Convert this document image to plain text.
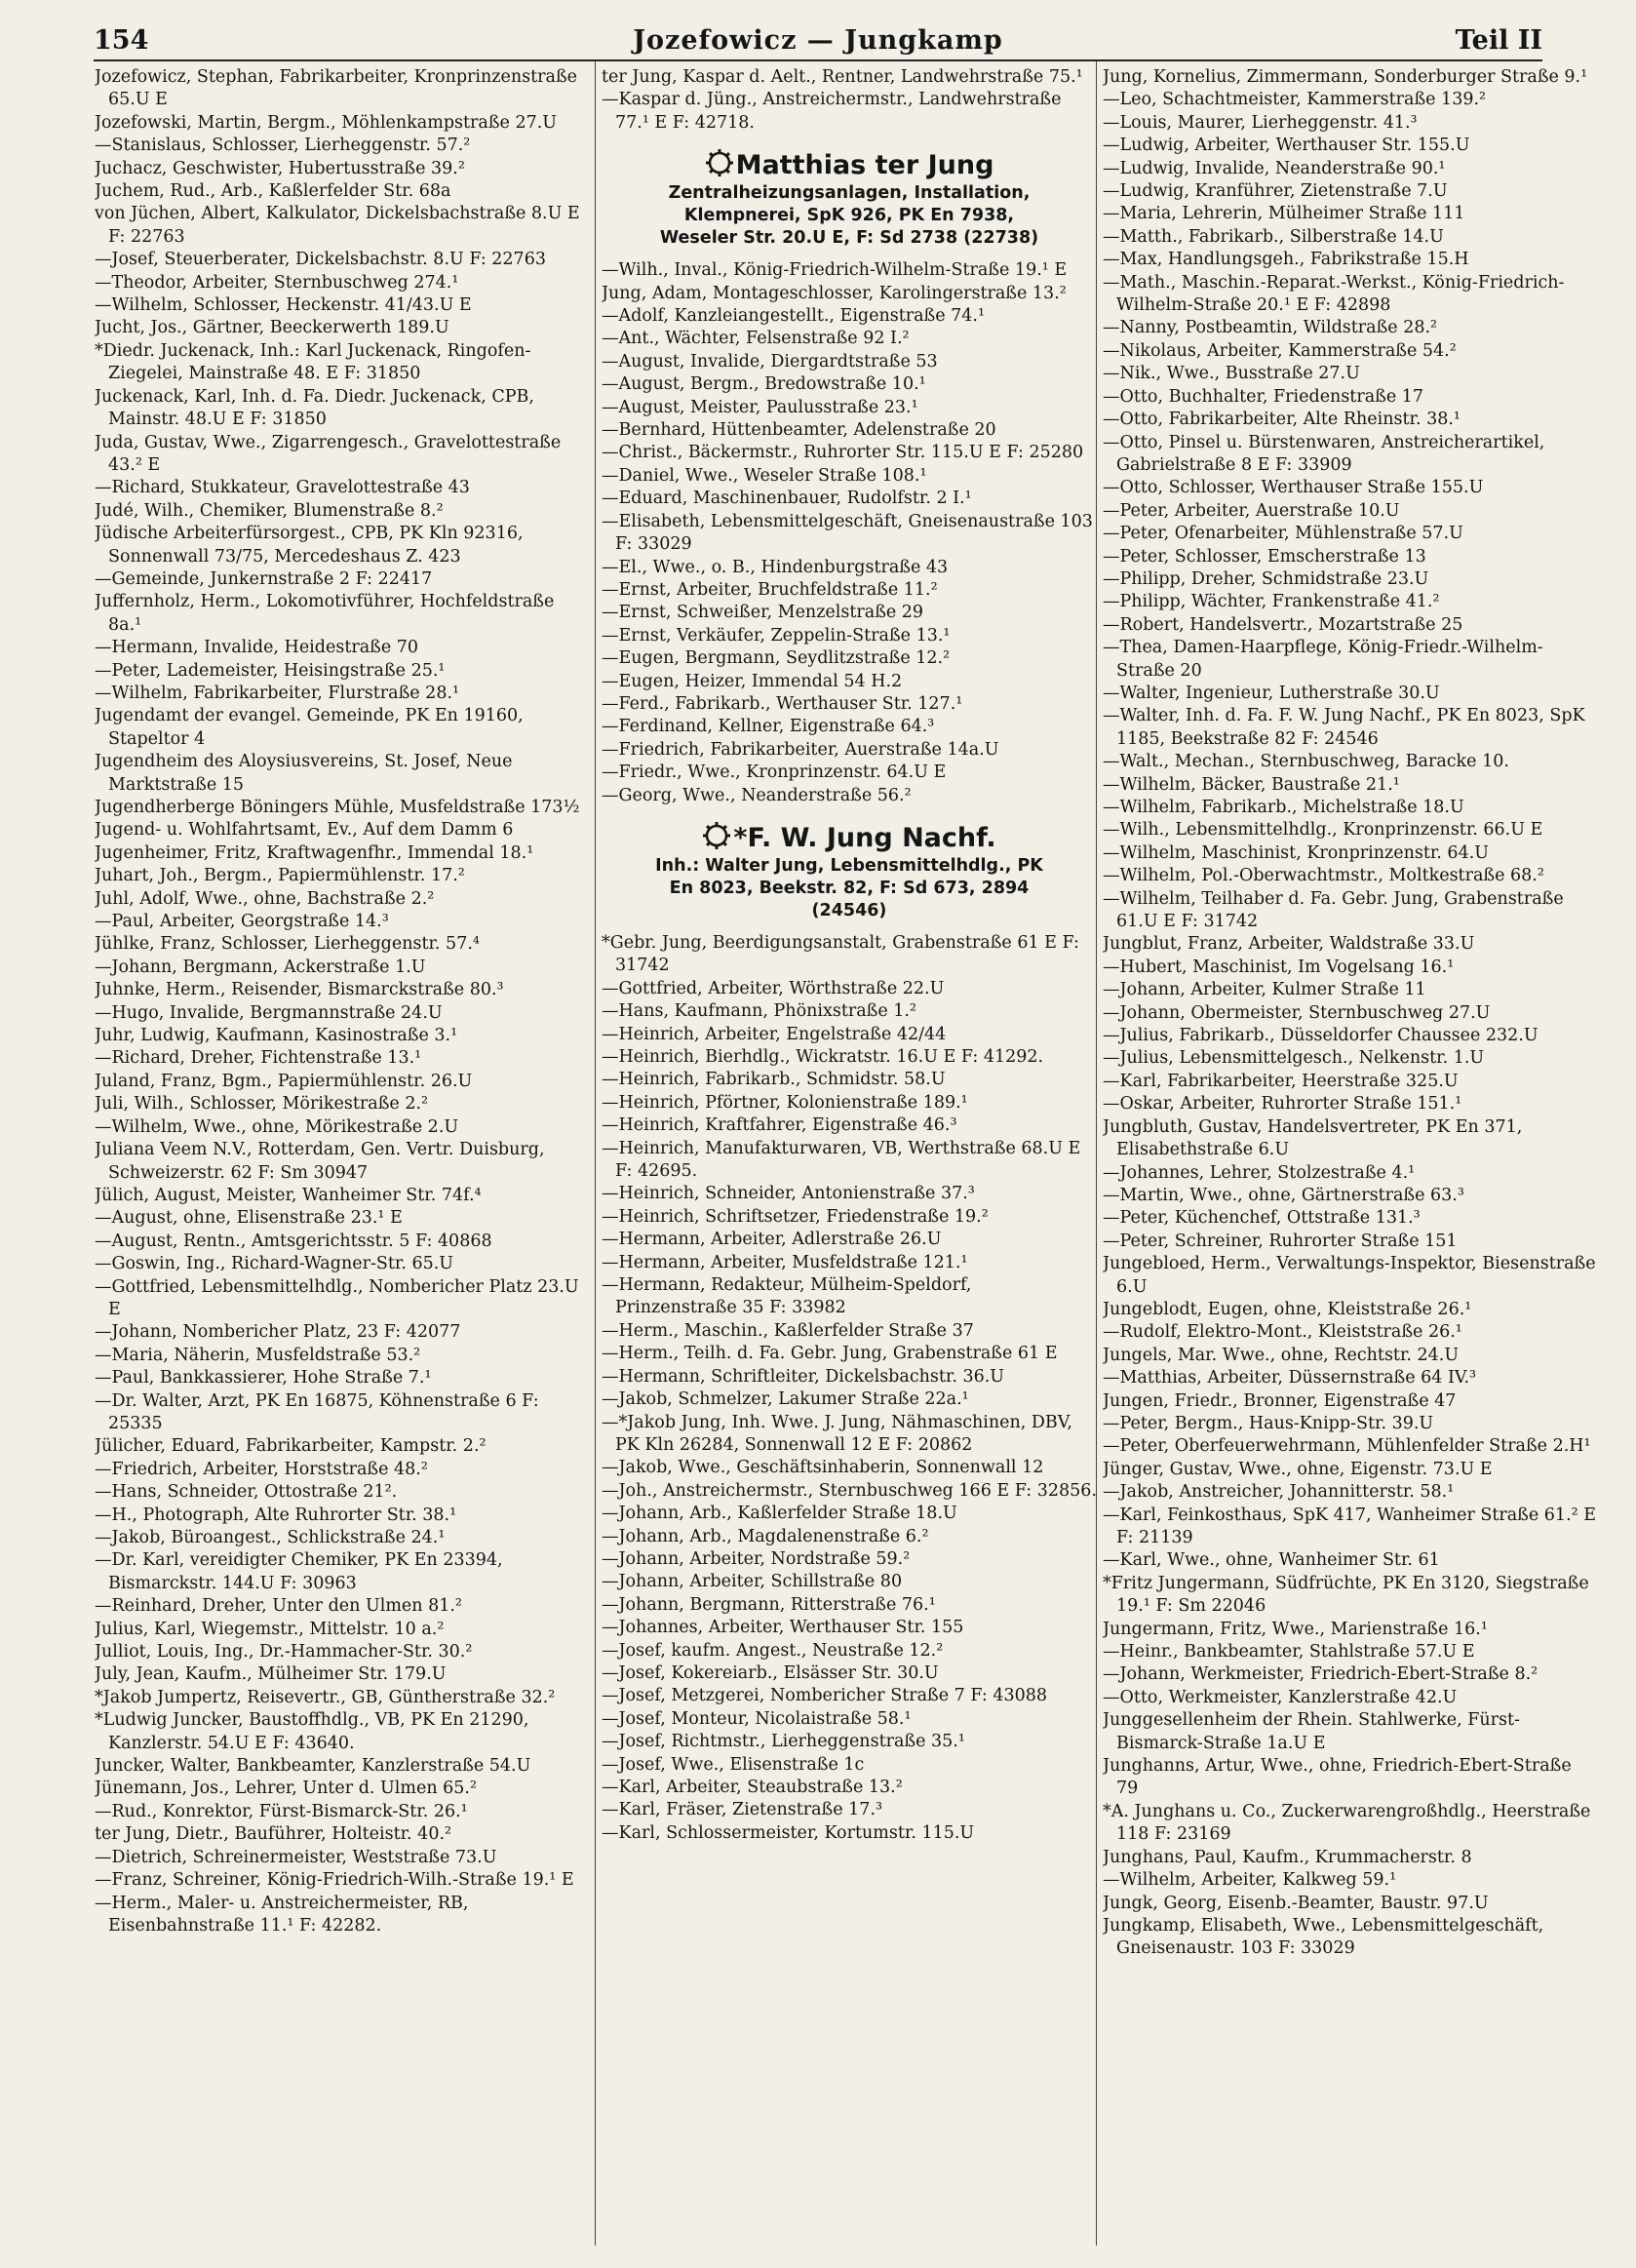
154	Jozefowicz — Jungkamp	Teil II

Jozefowicz, Stephan, Fabrikarbeiter, Kronprinzenstraße 65.U E

Jozefowski, Martin, Bergm., Möhlenkampstraße 27.U

—Stanislaus, Schlosser, Lierheggenstr. 57.²

Juchacz, Geschwister, Hubertusstraße 39.²

Juchem, Rud., Arb., Kaßlerfelder Str. 68a

von Jüchen, Albert, Kalkulator, Dickelsbachstraße 8.U E F: 22763

—Josef, Steuerberater, Dickelsbachstr. 8.U F: 22763

—Theodor, Arbeiter, Sternbuschweg 274.¹

—Wilhelm, Schlosser, Heckenstr. 41/43.U E

Jucht, Jos., Gärtner, Beeckerwerth 189.U

*Diedr. Juckenack, Inh.: Karl Juckenack, Ringofen-Ziegelei, Mainstraße 48. E F: 31850

Juckenack, Karl, Inh. d. Fa. Diedr. Juckenack, CPB, Mainstr. 48.U E F: 31850

Juda, Gustav, Wwe., Zigarrengesch., Gravelottestraße 43.² E

—Richard, Stukkateur, Gravelottestraße 43

Judé, Wilh., Chemiker, Blumenstraße 8.²

Jüdische Arbeiterfürsorgest., CPB, PK Kln 92316, Sonnenwall 73/75, Mercedeshaus Z. 423

—Gemeinde, Junkernstraße 2 F: 22417

Juffernholz, Herm., Lokomotivführer, Hochfeldstraße 8a.¹

—Hermann, Invalide, Heidestraße 70

—Peter, Lademeister, Heisingstraße 25.¹

—Wilhelm, Fabrikarbeiter, Flurstraße 28.¹

Jugendamt der evangel. Gemeinde, PK En 19160, Stapeltor 4

Jugendheim des Aloysiusvereins, St. Josef, Neue Marktstraße 15

Jugendherberge Böningers Mühle, Musfeldstraße 173½

Jugend- u. Wohlfahrtsamt, Ev., Auf dem Damm 6

Jugenheimer, Fritz, Kraftwagenfhr., Immendal 18.¹

Juhart, Joh., Bergm., Papiermühlenstr. 17.²

Juhl, Adolf, Wwe., ohne, Bachstraße 2.²

—Paul, Arbeiter, Georgstraße 14.³

Jühlke, Franz, Schlosser, Lierheggenstr. 57.⁴

—Johann, Bergmann, Ackerstraße 1.U

Juhnke, Herm., Reisender, Bismarckstraße 80.³

—Hugo, Invalide, Bergmannstraße 24.U

Juhr, Ludwig, Kaufmann, Kasinostraße 3.¹

—Richard, Dreher, Fichtenstraße 13.¹

Juland, Franz, Bgm., Papiermühlenstr. 26.U

Juli, Wilh., Schlosser, Mörikestraße 2.²

—Wilhelm, Wwe., ohne, Mörikestraße 2.U

Juliana Veem N.V., Rotterdam, Gen. Vertr. Duisburg, Schweizerstr. 62 F: Sm 30947

Jülich, August, Meister, Wanheimer Str. 74f.⁴

—August, ohne, Elisenstraße 23.¹ E

—August, Rentn., Amtsgerichtsstr. 5 F: 40868

—Goswin, Ing., Richard-Wagner-Str. 65.U

—Gottfried, Lebensmittelhdlg., Nombericher Platz 23.U E

—Johann, Nombericher Platz, 23 F: 42077

—Maria, Näherin, Musfeldstraße 53.²

—Paul, Bankkassierer, Hohe Straße 7.¹

—Dr. Walter, Arzt, PK En 16875, Köhnenstraße 6 F: 25335

Jülicher, Eduard, Fabrikarbeiter, Kampstr. 2.²

—Friedrich, Arbeiter, Horststraße 48.²

—Hans, Schneider, Ottostraße 21².

—H., Photograph, Alte Ruhrorter Str. 38.¹

—Jakob, Büroangest., Schlickstraße 24.¹

—Dr. Karl, vereidigter Chemiker, PK En 23394, Bismarckstr. 144.U F: 30963

—Reinhard, Dreher, Unter den Ulmen 81.²

Julius, Karl, Wiegemstr., Mittelstr. 10 a.²

Julliot, Louis, Ing., Dr.-Hammacher-Str. 30.²

July, Jean, Kaufm., Mülheimer Str. 179.U

*Jakob Jumpertz, Reisevertr., GB, Güntherstraße 32.²

*Ludwig Juncker, Baustoffhdlg., VB, PK En 21290, Kanzlerstr. 54.U E F: 43640.

Juncker, Walter, Bankbeamter, Kanzlerstraße 54.U

Jünemann, Jos., Lehrer, Unter d. Ulmen 65.²

—Rud., Konrektor, Fürst-Bismarck-Str. 26.¹

ter Jung, Dietr., Bauführer, Holteistr. 40.²

—Dietrich, Schreinermeister, Weststraße 73.U

—Franz, Schreiner, König-Friedrich-Wilh.-Straße 19.¹ E

—Herm., Maler- u. Anstreichermeister, RB, Eisenbahnstraße 11.¹ F: 42282.

ter Jung, Kaspar d. Aelt., Rentner, Landwehrstraße 75.¹

—Kaspar d. Jüng., Anstreichermstr., Landwehrstraße 77.¹ E F: 42718.

Matthias ter Jung
Zentralheizungsanlagen, Installation,
Klempnerei, SpK 926, PK En 7938,
Weseler Str. 20.U E, F: Sd 2738 (22738)

—Wilh., Inval., König-Friedrich-Wilhelm-Straße 19.¹ E

Jung, Adam, Montageschlosser, Karolingerstraße 13.²

—Adolf, Kanzleiangestellt., Eigenstraße 74.¹

—Ant., Wächter, Felsenstraße 92 I.²

—August, Invalide, Diergardtstraße 53

—August, Bergm., Bredowstraße 10.¹

—August, Meister, Paulusstraße 23.¹

—Bernhard, Hüttenbeamter, Adelenstraße 20

—Christ., Bäckermstr., Ruhrorter Str. 115.U E F: 25280

—Daniel, Wwe., Weseler Straße 108.¹

—Eduard, Maschinenbauer, Rudolfstr. 2 I.¹

—Elisabeth, Lebensmittelgeschäft, Gneisenaustraße 103 F: 33029

—El., Wwe., o. B., Hindenburgstraße 43

—Ernst, Arbeiter, Bruchfeldstraße 11.²

—Ernst, Schweißer, Menzelstraße 29

—Ernst, Verkäufer, Zeppelin-Straße 13.¹

—Eugen, Bergmann, Seydlitzstraße 12.²

—Eugen, Heizer, Immendal 54 H.2

—Ferd., Fabrikarb., Werthauser Str. 127.¹

—Ferdinand, Kellner, Eigenstraße 64.³

—Friedrich, Fabrikarbeiter, Auerstraße 14a.U

—Friedr., Wwe., Kronprinzenstr. 64.U E

—Georg, Wwe., Neanderstraße 56.²

*F. W. Jung Nachf.
Inh.: Walter Jung, Lebensmittelhdlg., PK
En 8023, Beekstr. 82, F: Sd 673, 2894
(24546)

*Gebr. Jung, Beerdigungsanstalt, Grabenstraße 61 E F: 31742

—Gottfried, Arbeiter, Wörthstraße 22.U

—Hans, Kaufmann, Phönixstraße 1.²

—Heinrich, Arbeiter, Engelstraße 42/44

—Heinrich, Bierhdlg., Wickratstr. 16.U E F: 41292.

—Heinrich, Fabrikarb., Schmidstr. 58.U

—Heinrich, Pförtner, Kolonienstraße 189.¹

—Heinrich, Kraftfahrer, Eigenstraße 46.³

—Heinrich, Manufakturwaren, VB, Werthstraße 68.U E F: 42695.

—Heinrich, Schneider, Antonienstraße 37.³

—Heinrich, Schriftsetzer, Friedenstraße 19.²

—Hermann, Arbeiter, Adlerstraße 26.U

—Hermann, Arbeiter, Musfeldstraße 121.¹

—Hermann, Redakteur, Mülheim-Speldorf, Prinzenstraße 35 F: 33982

—Herm., Maschin., Kaßlerfelder Straße 37

—Herm., Teilh. d. Fa. Gebr. Jung, Grabenstraße 61 E

—Hermann, Schriftleiter, Dickelsbachstr. 36.U

—Jakob, Schmelzer, Lakumer Straße 22a.¹

—*Jakob Jung, Inh. Wwe. J. Jung, Nähmaschinen, DBV, PK Kln 26284, Sonnenwall 12 E F: 20862

—Jakob, Wwe., Geschäftsinhaberin, Sonnenwall 12

—Joh., Anstreichermstr., Sternbuschweg 166 E F: 32856.

—Johann, Arb., Kaßlerfelder Straße 18.U

—Johann, Arb., Magdalenenstraße 6.²

—Johann, Arbeiter, Nordstraße 59.²

—Johann, Arbeiter, Schillstraße 80

—Johann, Bergmann, Ritterstraße 76.¹

—Johannes, Arbeiter, Werthauser Str. 155

—Josef, kaufm. Angest., Neustraße 12.²

—Josef, Kokereiarb., Elsässer Str. 30.U

—Josef, Metzgerei, Nombericher Straße 7 F: 43088

—Josef, Monteur, Nicolaistraße 58.¹

—Josef, Richtmstr., Lierheggenstraße 35.¹

—Josef, Wwe., Elisenstraße 1c

—Karl, Arbeiter, Steaubstraße 13.²

—Karl, Fräser, Zietenstraße 17.³

—Karl, Schlossermeister, Kortumstr. 115.U

Jung, Kornelius, Zimmermann, Sonderburger Straße 9.¹

—Leo, Schachtmeister, Kammerstraße 139.²

—Louis, Maurer, Lierheggenstr. 41.³

—Ludwig, Arbeiter, Werthauser Str. 155.U

—Ludwig, Invalide, Neanderstraße 90.¹

—Ludwig, Kranführer, Zietenstraße 7.U

—Maria, Lehrerin, Mülheimer Straße 111

—Matth., Fabrikarb., Silberstraße 14.U

—Max, Handlungsgeh., Fabrikstraße 15.H

—Math., Maschin.-Reparat.-Werkst., König-Friedrich-Wilhelm-Straße 20.¹ E F: 42898

—Nanny, Postbeamtin, Wildstraße 28.²

—Nikolaus, Arbeiter, Kammerstraße 54.²

—Nik., Wwe., Busstraße 27.U

—Otto, Buchhalter, Friedenstraße 17

—Otto, Fabrikarbeiter, Alte Rheinstr. 38.¹

—Otto, Pinsel u. Bürstenwaren, Anstreicherartikel, Gabrielstraße 8 E F: 33909

—Otto, Schlosser, Werthauser Straße 155.U

—Peter, Arbeiter, Auerstraße 10.U

—Peter, Ofenarbeiter, Mühlenstraße 57.U

—Peter, Schlosser, Emscherstraße 13

—Philipp, Dreher, Schmidstraße 23.U

—Philipp, Wächter, Frankenstraße 41.²

—Robert, Handelsvertr., Mozartstraße 25

—Thea, Damen-Haarpflege, König-Friedr.-Wilhelm-Straße 20

—Walter, Ingenieur, Lutherstraße 30.U

—Walter, Inh. d. Fa. F. W. Jung Nachf., PK En 8023, SpK 1185, Beekstraße 82 F: 24546

—Walt., Mechan., Sternbuschweg, Baracke 10.

—Wilhelm, Bäcker, Baustraße 21.¹

—Wilhelm, Fabrikarb., Michelstraße 18.U

—Wilh., Lebensmittelhdlg., Kronprinzenstr. 66.U E

—Wilhelm, Maschinist, Kronprinzenstr. 64.U

—Wilhelm, Pol.-Oberwachtmstr., Moltkestraße 68.²

—Wilhelm, Teilhaber d. Fa. Gebr. Jung, Grabenstraße 61.U E F: 31742

Jungblut, Franz, Arbeiter, Waldstraße 33.U

—Hubert, Maschinist, Im Vogelsang 16.¹

—Johann, Arbeiter, Kulmer Straße 11

—Johann, Obermeister, Sternbuschweg 27.U

—Julius, Fabrikarb., Düsseldorfer Chaussee 232.U

—Julius, Lebensmittelgesch., Nelkenstr. 1.U

—Karl, Fabrikarbeiter, Heerstraße 325.U

—Oskar, Arbeiter, Ruhrorter Straße 151.¹

Jungbluth, Gustav, Handelsvertreter, PK En 371, Elisabethstraße 6.U

—Johannes, Lehrer, Stolzestraße 4.¹

—Martin, Wwe., ohne, Gärtnerstraße 63.³

—Peter, Küchenchef, Ottstraße 131.³

—Peter, Schreiner, Ruhrorter Straße 151

Jungebloed, Herm., Verwaltungs-Inspektor, Biesenstraße 6.U

Jungeblodt, Eugen, ohne, Kleiststraße 26.¹

—Rudolf, Elektro-Mont., Kleiststraße 26.¹

Jungels, Mar. Wwe., ohne, Rechtstr. 24.U

—Matthias, Arbeiter, Düssernstraße 64 IV.³

Jungen, Friedr., Bronner, Eigenstraße 47

—Peter, Bergm., Haus-Knipp-Str. 39.U

—Peter, Oberfeuerwehrmann, Mühlenfelder Straße 2.H¹

Jünger, Gustav, Wwe., ohne, Eigenstr. 73.U E

—Jakob, Anstreicher, Johannitterstr. 58.¹

—Karl, Feinkosthaus, SpK 417, Wanheimer Straße 61.² E F: 21139

—Karl, Wwe., ohne, Wanheimer Str. 61

*Fritz Jungermann, Südfrüchte, PK En 3120, Siegstraße 19.¹ F: Sm 22046

Jungermann, Fritz, Wwe., Marienstraße 16.¹

—Heinr., Bankbeamter, Stahlstraße 57.U E

—Johann, Werkmeister, Friedrich-Ebert-Straße 8.²

—Otto, Werkmeister, Kanzlerstraße 42.U

Junggesellenheim der Rhein. Stahlwerke, Fürst-Bismarck-Straße 1a.U E

Junghanns, Artur, Wwe., ohne, Friedrich-Ebert-Straße 79

*A. Junghans u. Co., Zuckerwarengroßhdlg., Heerstraße 118 F: 23169

Junghans, Paul, Kaufm., Krummacherstr. 8

—Wilhelm, Arbeiter, Kalkweg 59.¹

Jungk, Georg, Eisenb.-Beamter, Baustr. 97.U

Jungkamp, Elisabeth, Wwe., Lebensmittelgeschäft, Gneisenaustr. 103 F: 33029
